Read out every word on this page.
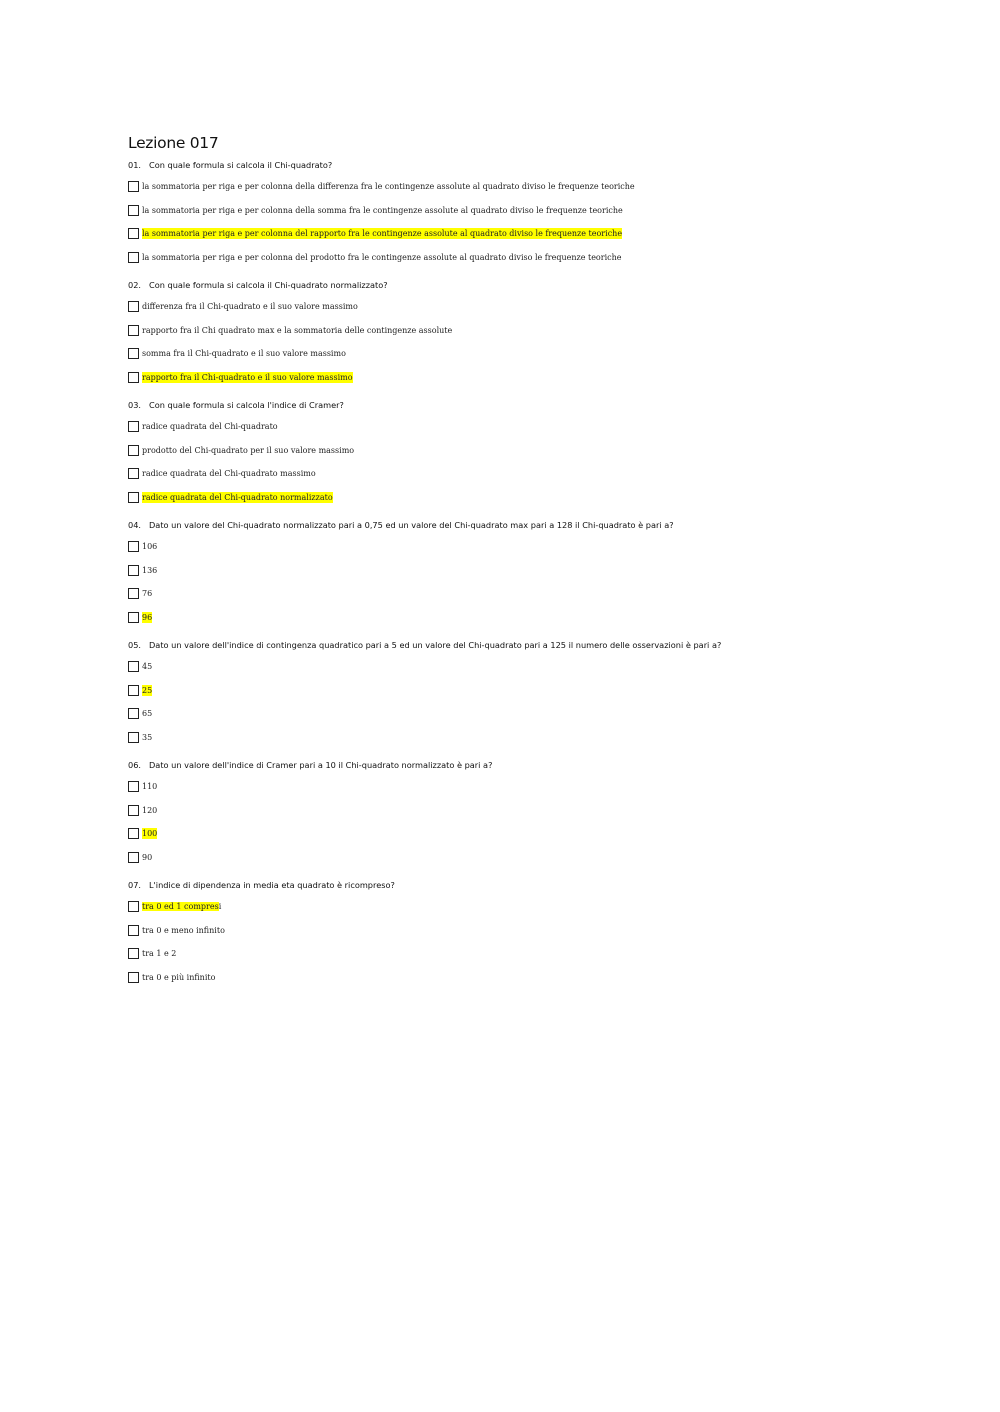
Lezione 017
01. Con quale formula si calcola il Chi-quadrato?
la sommatoria per riga e per colonna della differenza fra le contingenze assolute al quadrato diviso le frequenze teoriche
la sommatoria per riga e per colonna della somma fra le contingenze assolute al quadrato diviso le frequenze teoriche
la sommatoria per riga e per colonna del rapporto fra le contingenze assolute al quadrato diviso le frequenze teoriche
la sommatoria per riga e per colonna del prodotto fra le contingenze assolute al quadrato diviso le frequenze teoriche
02. Con quale formula si calcola il Chi-quadrato normalizzato?
differenza fra il Chi-quadrato e il suo valore massimo
rapporto fra il Chi quadrato max e la sommatoria delle contingenze assolute
somma fra il Chi-quadrato e il suo valore massimo
rapporto fra il Chi-quadrato e il suo valore massimo
03. Con quale formula si calcola l'indice di Cramer?
radice quadrata del Chi-quadrato
prodotto del Chi-quadrato per il suo valore massimo
radice quadrata del Chi-quadrato massimo
radice quadrata del Chi-quadrato normalizzato
04. Dato un valore del Chi-quadrato normalizzato pari a 0,75 ed un valore del Chi-quadrato max pari a 128 il Chi-quadrato è pari a?
106
136
76
96
05. Dato un valore dell'indice di contingenza quadratico pari a 5 ed un valore del Chi-quadrato pari a 125 il numero delle osservazioni è pari a?
45
25
65
35
06. Dato un valore dell'indice di Cramer pari a 10 il Chi-quadrato normalizzato è pari a?
110
120
100
90
07. L'indice di dipendenza in media eta quadrato è ricompreso?
tra 0 ed 1 compresi
tra 0 e meno infinito
tra 1 e 2
tra 0 e più infinito
